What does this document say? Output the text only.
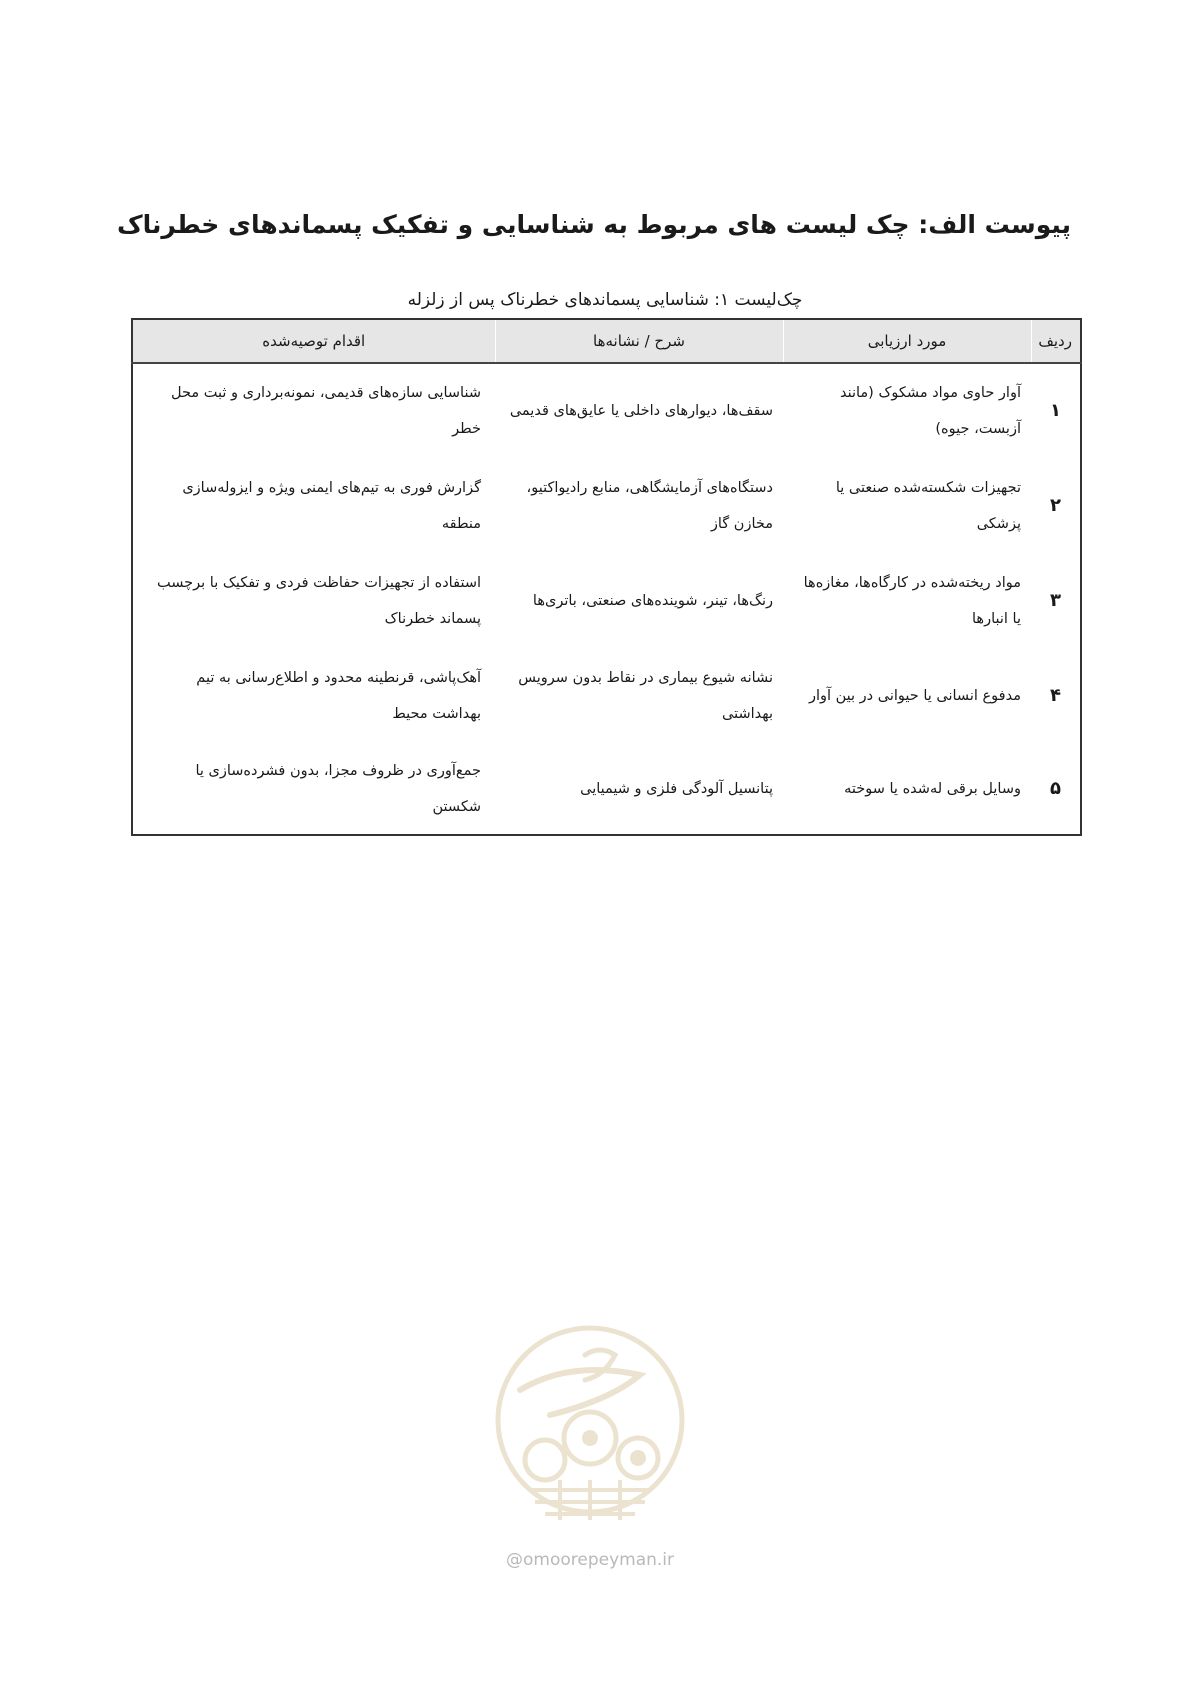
پیوست الف: چک لیست های مربوط به شناسایی و تفکیک پسماندهای خطرناک
چک‌لیست ۱: شناسایی پسماندهای خطرناک پس از زلزله
ردیف	مورد ارزیابی	شرح / نشانه‌ها	اقدام توصیه‌شده
۱	آوار حاوی مواد مشکوک (مانند آزبست، جیوه)	سقف‌ها، دیوارهای داخلی یا عایق‌های قدیمی	شناسایی سازه‌های قدیمی، نمونه‌برداری و ثبت محل خطر
۲	تجهیزات شکسته‌شده صنعتی یا پزشکی	دستگاه‌های آزمایشگاهی، منابع رادیواکتیو، مخازن گاز	گزارش فوری به تیم‌های ایمنی ویژه و ایزوله‌سازی منطقه
۳	مواد ریخته‌شده در کارگاه‌ها، مغازه‌ها یا انبارها	رنگ‌ها، تینر، شوینده‌های صنعتی، باتری‌ها	استفاده از تجهیزات حفاظت فردی و تفکیک با برچسب پسماند خطرناک
۴	مدفوع انسانی یا حیوانی در بین آوار	نشانه شیوع بیماری در نقاط بدون سرویس بهداشتی	آهک‌پاشی، قرنطینه محدود و اطلاع‌رسانی به تیم بهداشت محیط
۵	وسایل برقی له‌شده یا سوخته	پتانسیل آلودگی فلزی و شیمیایی	جمع‌آوری در ظروف مجزا، بدون فشرده‌سازی یا شکستن
@omoorepeyman.ir
